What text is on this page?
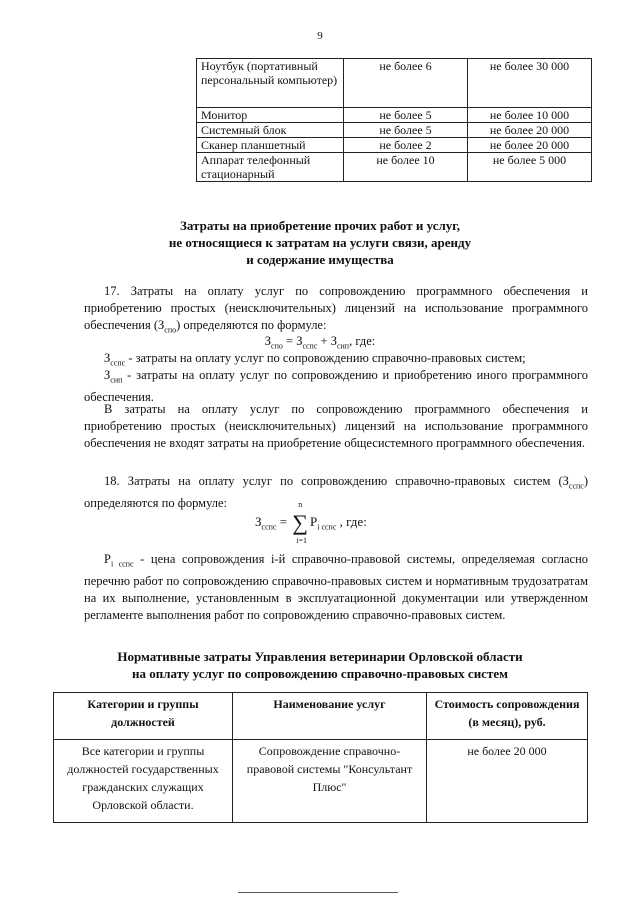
9
Ноутбук (портативный персональный компьютер)	не более 6	не более 30 000
Монитор	не более 5	не более 10 000
Системный блок	не более 5	не более 20 000
Сканер планшетный	не более 2	не более 20 000
Аппарат телефонный стационарный	не более 10	не более 5 000
Затраты на приобретение прочих работ и услуг,
не относящиеся к затратам на услуги связи, аренду
и содержание имущества
17. Затраты на оплату услуг по сопровождению программного обеспечения и приобретению простых (неисключительных) лицензий на использование программного обеспечения $(З_{спо})$ определяются по формуле:
$З_{спо} = З_{сспс} + З_{сип}$, где:
$З_{сспс}$ - затраты на оплату услуг по сопровождению справочно-правовых систем;
$З_{сип}$ - затраты на оплату услуг по сопровождению и приобретению иного программного обеспечения.
В затраты на оплату услуг по сопровождению программного обеспечения и приобретению простых (неисключительных) лицензий на использование программного обеспечения не входят затраты на приобретение общесистемного программного обеспечения.
18. Затраты на оплату услуг по сопровождению справочно-правовых систем $(З_{сспс})$ определяются по формуле:
$З_{сспс}$ = ∑
n
i=1
$P_{i сспс}$ , где:
$P_{i сспс}$ - цена сопровождения i-й справочно-правовой системы, определяемая согласно перечню работ по сопровождению справочно-правовых систем и нормативным трудозатратам на их выполнение, установленным в эксплуатационной документации или утвержденном регламенте выполнения работ по сопровождению справочно-правовых систем.
Нормативные затраты Управления ветеринарии Орловской области
на оплату услуг по сопровождению справочно-правовых систем
Категории и группы должностей	Наименование услуг	Стоимость сопровождения (в месяц), руб.
Все категории и группы должностей государственных гражданских служащих Орловской области.	Сопровождение справочно-правовой системы "Консультант Плюс"	не более 20 000
